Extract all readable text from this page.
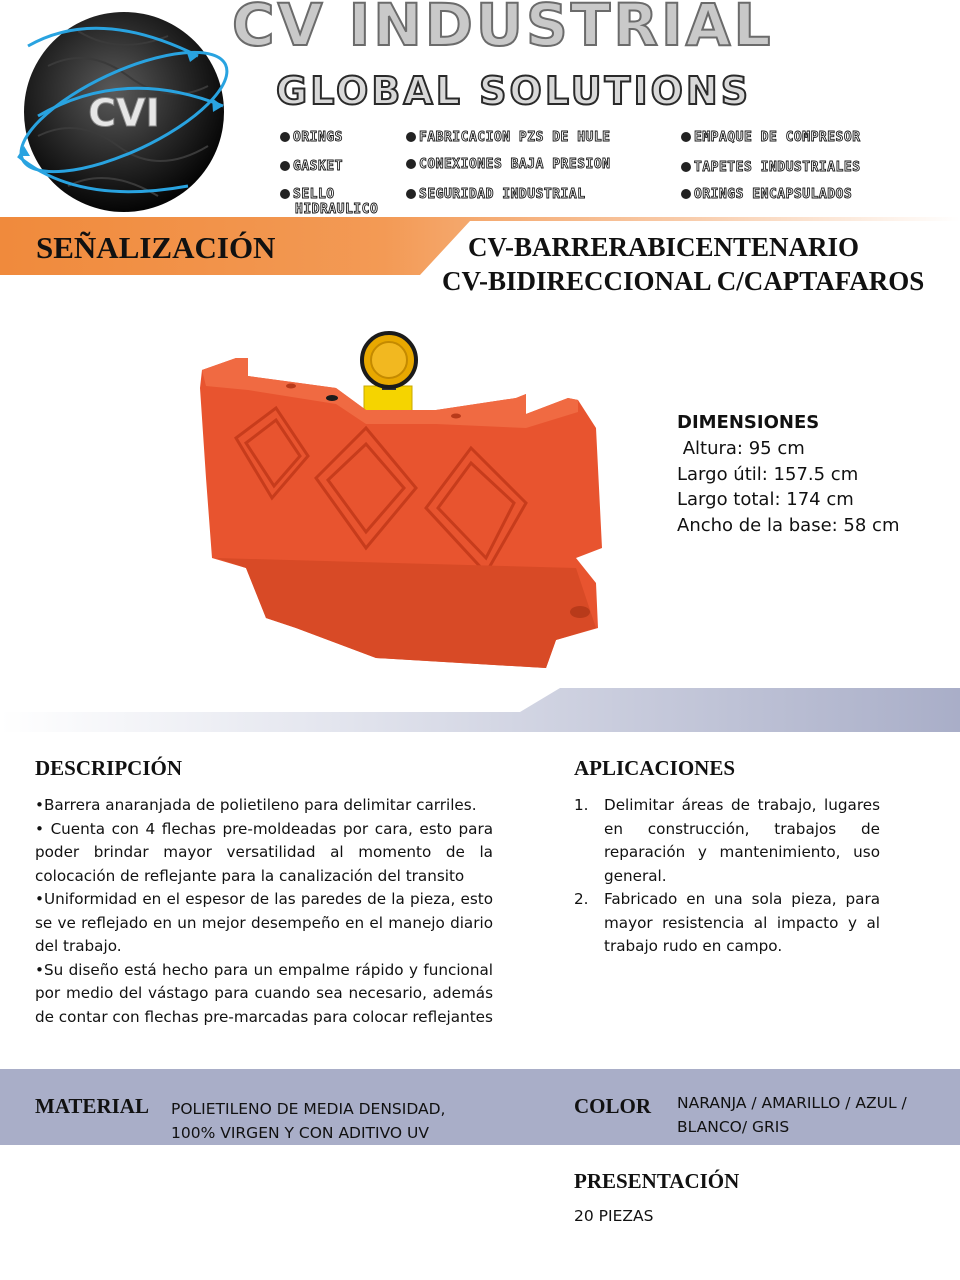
CVI
CV INDUSTRIAL
GLOBAL SOLUTIONS
ORINGS	FABRICACION PZS DE HULE	EMPAQUE DE COMPRESOR
GASKET	CONEXIONES BAJA PRESION	TAPETES INDUSTRIALES
SELLO HIDRAULICO
SEGURIDAD INDUSTRIAL	ORINGS ENCAPSULADOS
SEÑALIZACIÓN	CV-BARRERABICENTENARIO
CV-BIDIRECCIONAL C/CAPTAFAROS
DIMENSIONES
Altura: 95 cm
Largo útil: 157.5 cm
Largo total: 174 cm
Ancho de la base: 58 cm
DESCRIPCIÓN

•Barrera anaranjada de polietileno para delimitar carriles.

• Cuenta con 4 flechas pre-moldeadas por cara, esto para poder brindar mayor versatilidad al momento de la colocación de reflejante para la canalización del transito

•Uniformidad en el espesor de las paredes de la pieza, esto se ve reflejado en un mejor desempeño en el manejo diario del trabajo.

•Su diseño está hecho para un empalme rápido y funcional por medio del vástago para cuando sea necesario, además de contar con flechas pre-marcadas para colocar reflejantes

APLICACIONES
1. Delimitar áreas de trabajo, lugares en construcción, trabajos de reparación y mantenimiento, uso general.
2. Fabricado en una sola pieza, para mayor resistencia al impacto y al trabajo rudo en campo.
MATERIAL POLIETILENO DE MEDIA DENSIDAD,
100% VIRGEN Y CON ADITIVO UV
COLOR NARANJA / AMARILLO / AZUL /
BLANCO/ GRIS
PRESENTACIÓN
20 PIEZAS
